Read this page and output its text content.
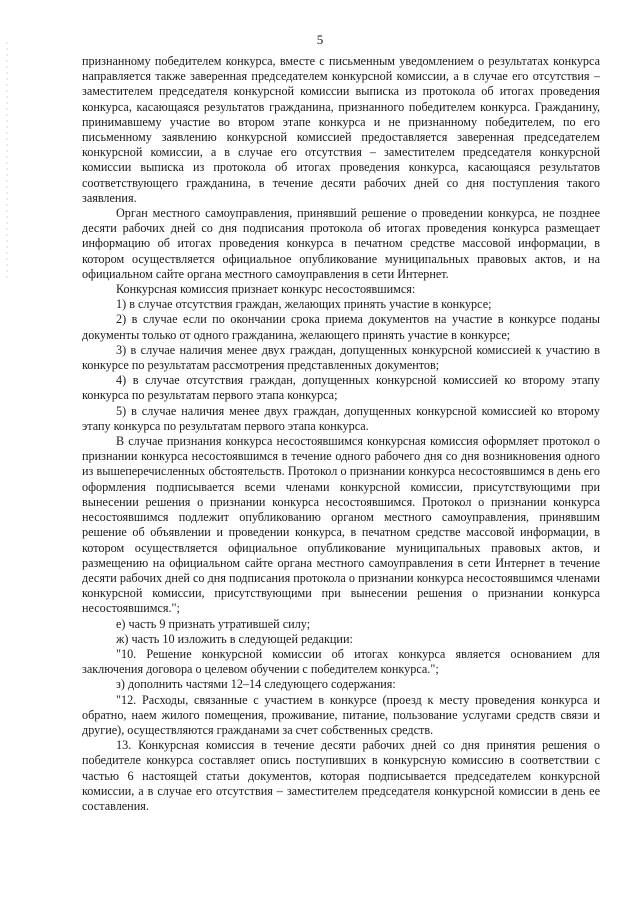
5

признанному победителем конкурса, вместе с письменным уведомлением о результатах конкурса направляется также заверенная председателем конкурсной комиссии, а в случае его отсутствия – заместителем председателя конкурсной комиссии выписка из протокола об итогах проведения конкурса, касающаяся результатов гражданина, признанного победителем конкурса. Гражданину, принимавшему участие во втором этапе конкурса и не признанному победителем, по его письменному заявлению конкурсной комиссией предоставляется заверенная председателем конкурсной комиссии, а в случае его отсутствия – заместителем председателя конкурсной комиссии выписка из протокола об итогах проведения конкурса, касающаяся результатов соответствующего гражданина, в течение десяти рабочих дней со дня поступления такого заявления.

Орган местного самоуправления, принявший решение о проведении конкурса, не позднее десяти рабочих дней со дня подписания протокола об итогах проведения конкурса размещает информацию об итогах проведения конкурса в печатном средстве массовой информации, в котором осуществляется официальное опубликование муниципальных правовых актов, и на официальном сайте органа местного самоуправления в сети Интернет.

Конкурсная комиссия признает конкурс несостоявшимся:

1) в случае отсутствия граждан, желающих принять участие в конкурсе;

2) в случае если по окончании срока приема документов на участие в конкурсе поданы документы только от одного гражданина, желающего принять участие в конкурсе;

3) в случае наличия менее двух граждан, допущенных конкурсной комиссией к участию в конкурсе по результатам рассмотрения представленных документов;

4) в случае отсутствия граждан, допущенных конкурсной комиссией ко второму этапу конкурса по результатам первого этапа конкурса;

5) в случае наличия менее двух граждан, допущенных конкурсной комиссией ко второму этапу конкурса по результатам первого этапа конкурса.

В случае признания конкурса несостоявшимся конкурсная комиссия оформляет протокол о признании конкурса несостоявшимся в течение одного рабочего дня со дня возникновения одного из вышеперечисленных обстоятельств. Протокол о признании конкурса несостоявшимся в день его оформления подписывается всеми членами конкурсной комиссии, присутствующими при вынесении решения о признании конкурса несостоявшимся. Протокол о признании конкурса несостоявшимся подлежит опубликованию органом местного самоуправления, принявшим решение об объявлении и проведении конкурса, в печатном средстве массовой информации, в котором осуществляется официальное опубликование муниципальных правовых актов, и размещению на официальном сайте органа местного самоуправления в сети Интернет в течение десяти рабочих дней со дня подписания протокола о признании конкурса несостоявшимся членами конкурсной комиссии, присутствующими при вынесении решения о признании конкурса несостоявшимся.";

е) часть 9 признать утратившей силу;

ж) часть 10 изложить в следующей редакции:

"10. Решение конкурсной комиссии об итогах конкурса является основанием для заключения договора о целевом обучении с победителем конкурса.";

з) дополнить частями 12–14 следующего содержания:

"12. Расходы, связанные с участием в конкурсе (проезд к месту проведения конкурса и обратно, наем жилого помещения, проживание, питание, пользование услугами средств связи и другие), осуществляются гражданами за счет собственных средств.

13. Конкурсная комиссия в течение десяти рабочих дней со дня принятия решения о победителе конкурса составляет опись поступивших в конкурсную комиссию в соответствии с частью 6 настоящей статьи документов, которая подписывается председателем конкурсной комиссии, а в случае его отсутствия – заместителем председателя конкурсной комиссии в день ее составления.
